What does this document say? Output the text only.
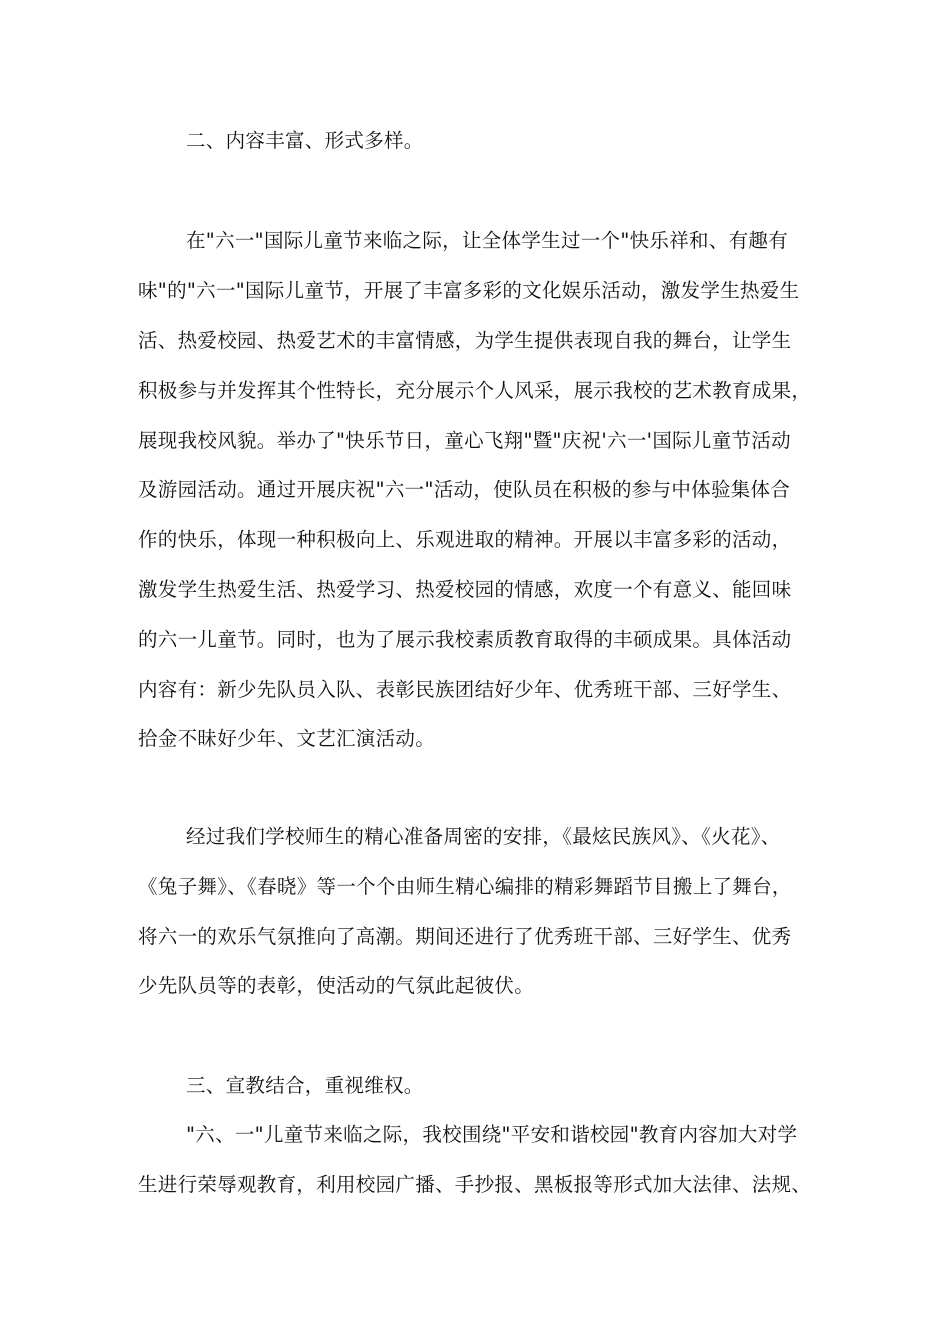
二、内容丰富、形式多样。
在"六一"国际儿童节来临之际，让全体学生过一个"快乐祥和、有趣有
味"的"六一"国际儿童节，开展了丰富多彩的文化娱乐活动，激发学生热爱生
活、热爱校园、热爱艺术的丰富情感，为学生提供表现自我的舞台，让学生
积极参与并发挥其个性特长，充分展示个人风采，展示我校的艺术教育成果，
展现我校风貌。举办了"快乐节日，童心飞翔"暨"庆祝'六一'国际儿童节活动
及游园活动。通过开展庆祝"六一"活动，使队员在积极的参与中体验集体合
作的快乐，体现一种积极向上、乐观进取的精神。开展以丰富多彩的活动，
激发学生热爱生活、热爱学习、热爱校园的情感，欢度一个有意义、能回味
的六一儿童节。同时，也为了展示我校素质教育取得的丰硕成果。具体活动
内容有：新少先队员入队、表彰民族团结好少年、优秀班干部、三好学生、
拾金不昧好少年、文艺汇演活动。
经过我们学校师生的精心准备周密的安排，《最炫民族风》、《火花》、
《兔子舞》、《春晓》等一个个由师生精心编排的精彩舞蹈节目搬上了舞台，
将六一的欢乐气氛推向了高潮。期间还进行了优秀班干部、三好学生、优秀
少先队员等的表彰，使活动的气氛此起彼伏。
三、宣教结合，重视维权。
"六、一"儿童节来临之际，我校围绕"平安和谐校园"教育内容加大对学
生进行荣辱观教育，利用校园广播、手抄报、黑板报等形式加大法律、法规、
